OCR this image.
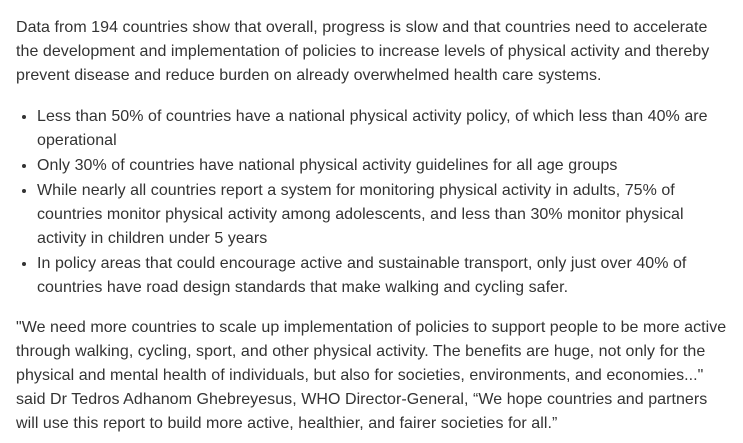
Data from 194 countries show that overall, progress is slow and that countries need to accelerate the development and implementation of policies to increase levels of physical activity and thereby prevent disease and reduce burden on already overwhelmed health care systems.

• Less than 50% of countries have a national physical activity policy, of which less than 40% are operational
• Only 30% of countries have national physical activity guidelines for all age groups
• While nearly all countries report a system for monitoring physical activity in adults, 75% of countries monitor physical activity among adolescents, and less than 30% monitor physical activity in children under 5 years
• In policy areas that could encourage active and sustainable transport, only just over 40% of countries have road design standards that make walking and cycling safer.

"We need more countries to scale up implementation of policies to support people to be more active through walking, cycling, sport, and other physical activity. The benefits are huge, not only for the physical and mental health of individuals, but also for societies, environments, and economies..." said Dr Tedros Adhanom Ghebreyesus, WHO Director-General, “We hope countries and partners will use this report to build more active, healthier, and fairer societies for all.”
